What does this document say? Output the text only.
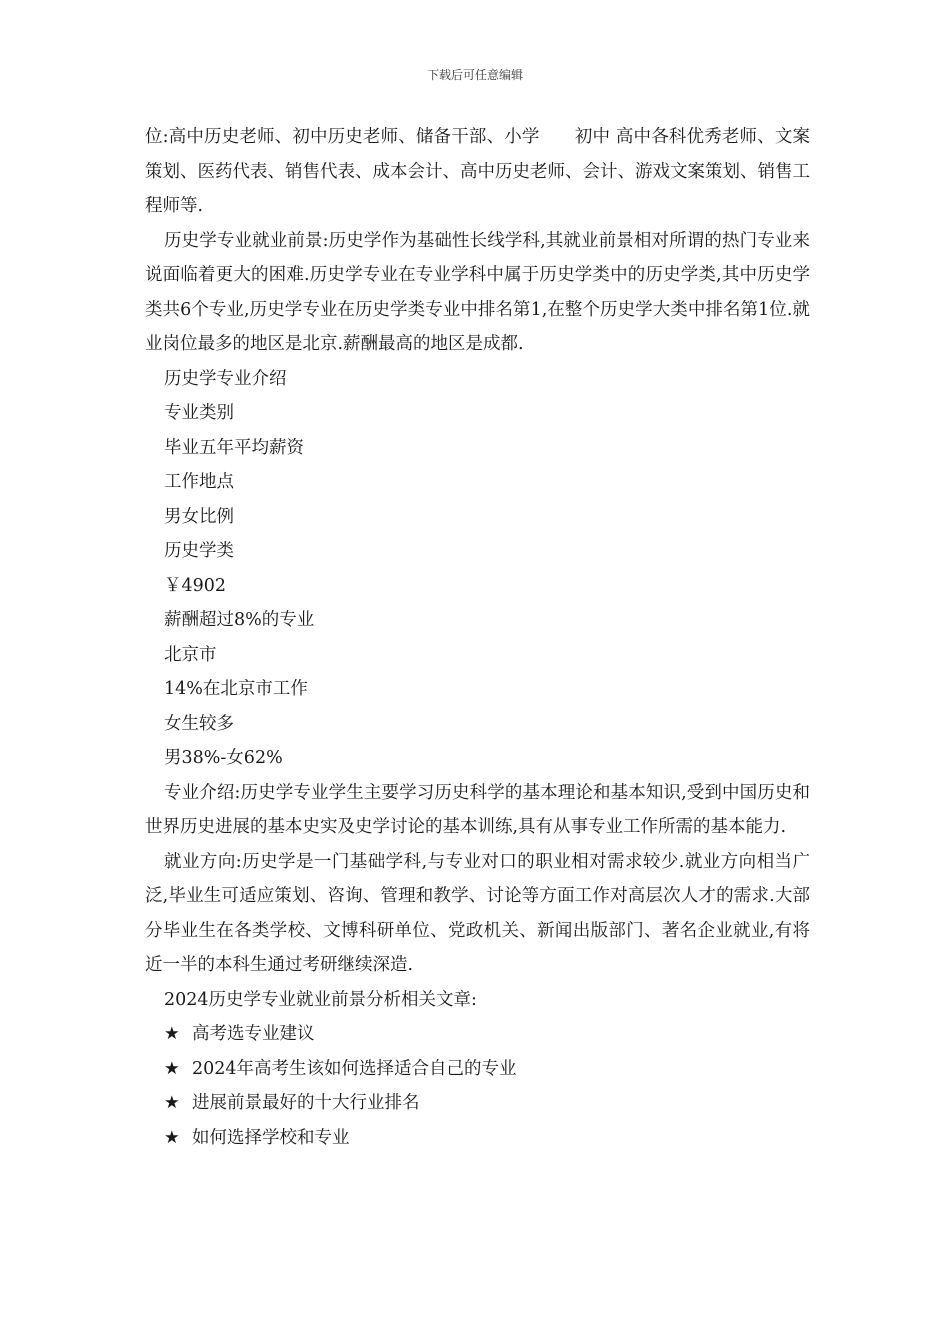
下载后可任意编辑

位:高中历史老师、初中历史老师、储备干部、小学　　初中 高中各科优秀老师、文案策划、医药代表、销售代表、成本会计、高中历史老师、会计、游戏文案策划、销售工程师等.

历史学专业就业前景:历史学作为基础性长线学科,其就业前景相对所谓的热门专业来说面临着更大的困难.历史学专业在专业学科中属于历史学类中的历史学类,其中历史学类共6个专业,历史学专业在历史学类专业中排名第1,在整个历史学大类中排名第1位.就业岗位最多的地区是北京.薪酬最高的地区是成都.

历史学专业介绍

专业类别

毕业五年平均薪资

工作地点

男女比例

历史学类

￥4902

薪酬超过8%的专业

北京市

14%在北京市工作

女生较多

男38%-女62%

专业介绍:历史学专业学生主要学习历史科学的基本理论和基本知识,受到中国历史和世界历史进展的基本史实及史学讨论的基本训练,具有从事专业工作所需的基本能力.

就业方向:历史学是一门基础学科,与专业对口的职业相对需求较少.就业方向相当广泛,毕业生可适应策划、咨询、管理和教学、讨论等方面工作对高层次人才的需求.大部分毕业生在各类学校、文博科研单位、党政机关、新闻出版部门、著名企业就业,有将近一半的本科生通过考研继续深造.

2024历史学专业就业前景分析相关文章:

★ 高考选专业建议

★ 2024年高考生该如何选择适合自己的专业

★ 进展前景最好的十大行业排名

★ 如何选择学校和专业
